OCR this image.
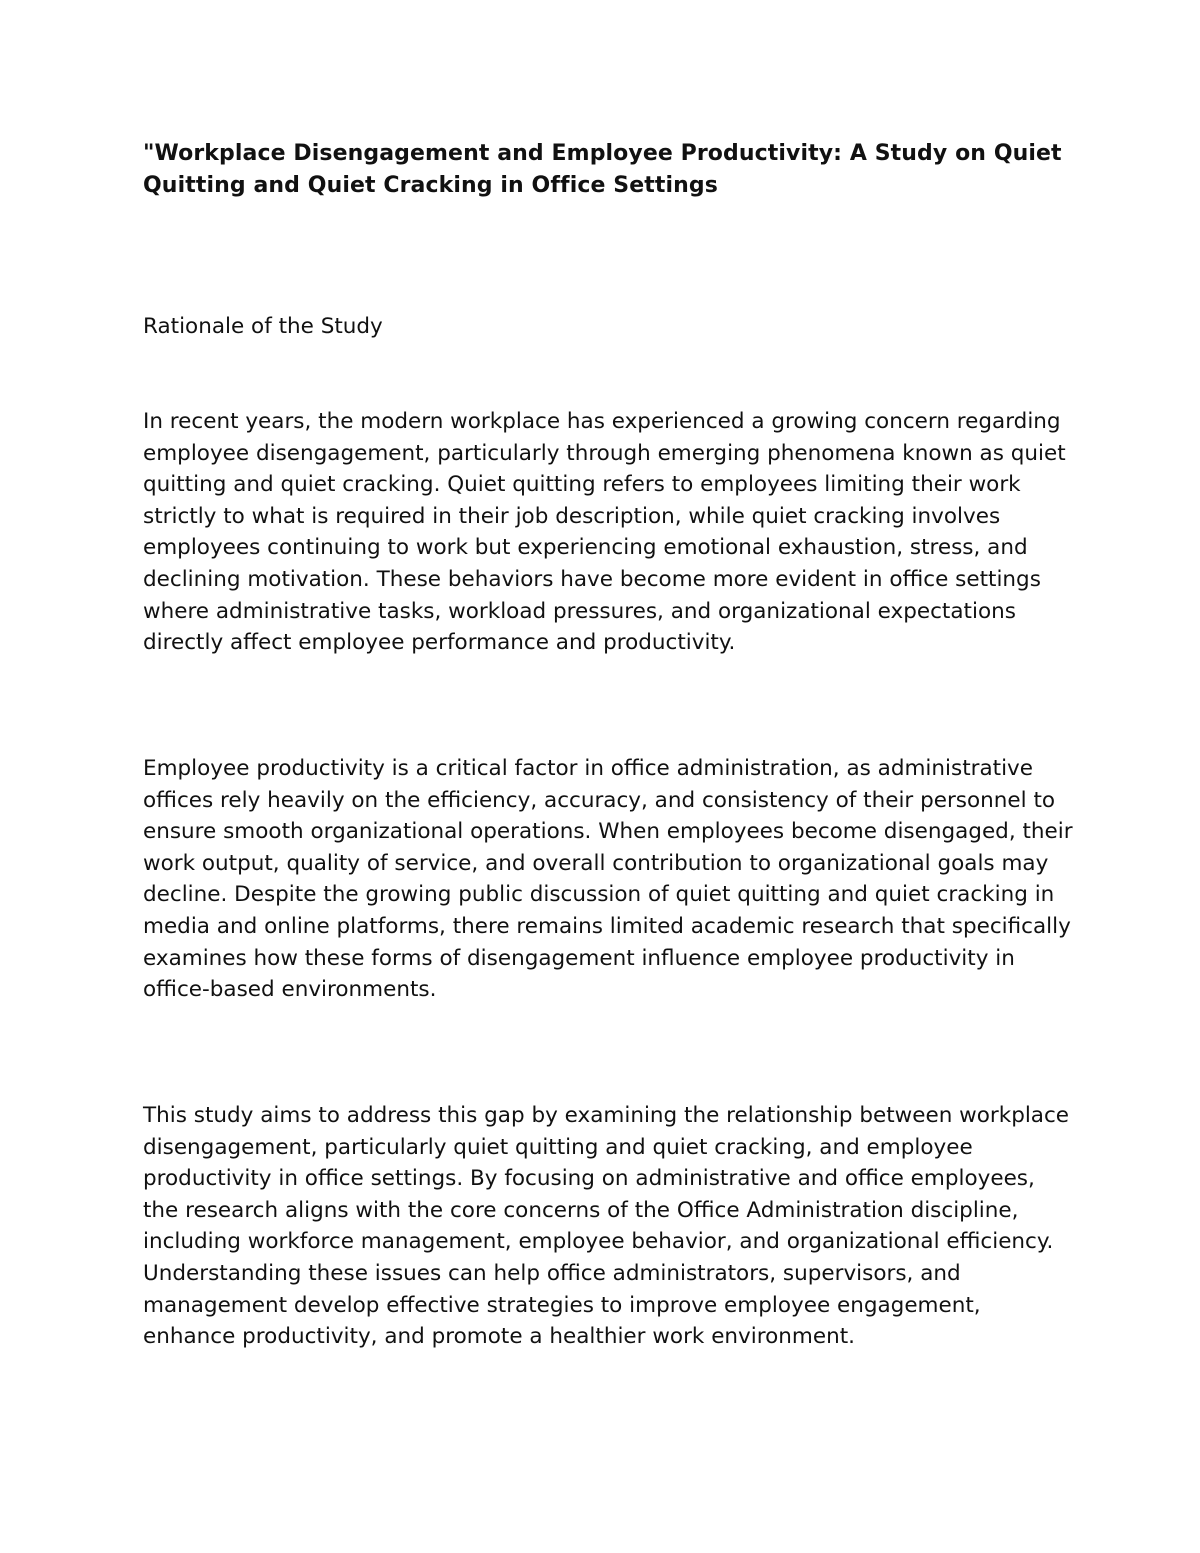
"Workplace Disengagement and Employee Productivity: A Study on Quiet Quitting and Quiet Cracking in Office Settings
Rationale of the Study

In recent years, the modern workplace has experienced a growing concern regarding employee disengagement, particularly through emerging phenomena known as quiet quitting and quiet cracking. Quiet quitting refers to employees limiting their work strictly to what is required in their job description, while quiet cracking involves employees continuing to work but experiencing emotional exhaustion, stress, and declining motivation. These behaviors have become more evident in office settings where administrative tasks, workload pressures, and organizational expectations directly affect employee performance and productivity.

Employee productivity is a critical factor in office administration, as administrative offices rely heavily on the efficiency, accuracy, and consistency of their personnel to ensure smooth organizational operations. When employees become disengaged, their work output, quality of service, and overall contribution to organizational goals may decline. Despite the growing public discussion of quiet quitting and quiet cracking in media and online platforms, there remains limited academic research that specifically examines how these forms of disengagement influence employee productivity in office-based environments.

This study aims to address this gap by examining the relationship between workplace disengagement, particularly quiet quitting and quiet cracking, and employee productivity in office settings. By focusing on administrative and office employees, the research aligns with the core concerns of the Office Administration discipline, including workforce management, employee behavior, and organizational efficiency. Understanding these issues can help office administrators, supervisors, and management develop effective strategies to improve employee engagement, enhance productivity, and promote a healthier work environment.
